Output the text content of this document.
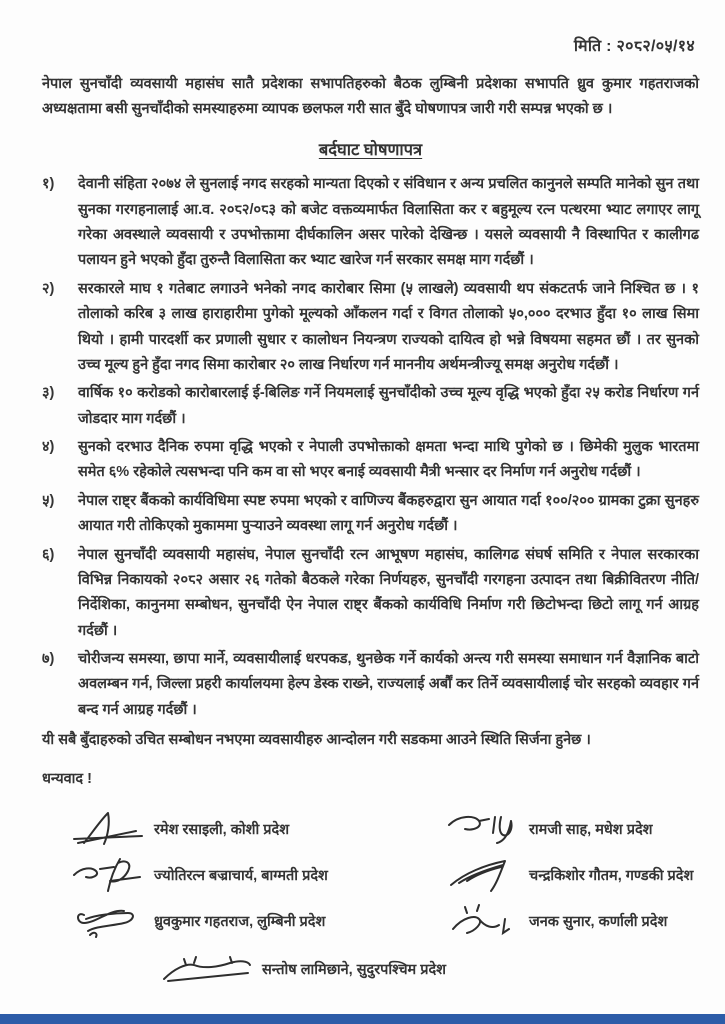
मिति : २०८२/०५/१४

नेपाल सुनचाँदी व्यवसायी महासंघ सातै प्रदेशका सभापतिहरुको बैठक लुम्बिनी प्रदेशका सभापति ध्रुव कुमार गहतराजको अध्यक्षतामा बसी सुनचाँदीको समस्याहरुमा व्यापक छलफल गरी सात बुँदे घोषणापत्र जारी गरी सम्पन्न भएको छ ।

बर्दघाट घोषणापत्र
१)	देवानी संहिता २०७४ ले सुनलाई नगद सरहको मान्यता दिएको र संविधान र अन्य प्रचलित कानुनले सम्पति मानेको सुन तथा सुनका गरगहनालाई आ.व. २०८२/०८३ को बजेट वक्तव्यमार्फत विलासिता कर र बहुमूल्य रत्न पत्थरमा भ्याट लगाएर लागू गरेका अवस्थाले व्यवसायी र उपभोक्तामा दीर्घकालिन असर पारेको देखिन्छ । यसले व्यवसायी नै विस्थापित र कालीगढ पलायन हुने भएको हुँदा तुरुन्तै विलासिता कर भ्याट खारेज गर्न सरकार समक्ष माग गर्दछौं ।
२)	सरकारले माघ १ गतेबाट लगाउने भनेको नगद कारोबार सिमा (५ लाखले) व्यवसायी थप संकटतर्फ जाने निश्चित छ । १ तोलाको करिब ३ लाख हाराहारीमा पुगेको मूल्यको आँकलन गर्दा र विगत तोलाको ५०,००० दरभाउ हुँदा १० लाख सिमा थियो । हामी पारदर्शी कर प्रणाली सुधार र कालोधन नियन्त्रण राज्यको दायित्व हो भन्ने विषयमा सहमत छौं । तर सुनको उच्च मूल्य हुने हुँदा नगद सिमा कारोबार २० लाख निर्धारण गर्न माननीय अर्थमन्त्रीज्यू समक्ष अनुरोध गर्दछौं ।
३)	वार्षिक १० करोडको कारोबारलाई ई-बिलिङ गर्ने नियमलाई सुनचाँदीको उच्च मूल्य वृद्धि भएको हुँदा २५ करोड निर्धारण गर्न जोडदार माग गर्दछौं ।
४)	सुनको दरभाउ दैनिक रुपमा वृद्धि भएको र नेपाली उपभोक्ताको क्षमता भन्दा माथि पुगेको छ । छिमेकी मुलुक भारतमा समेत ६% रहेकोले त्यसभन्दा पनि कम वा सो भएर बनाई व्यवसायी मैत्री भन्सार दर निर्माण गर्न अनुरोध गर्दछौं ।
५)	नेपाल राष्ट्र बैंकको कार्यविधिमा स्पष्ट रुपमा भएको र वाणिज्य बैंकहरुद्वारा सुन आयात गर्दा १००/२०० ग्रामका टुक्रा सुनहरु आयात गरी तोकिएको मुकाममा पुऱ्याउने व्यवस्था लागू गर्न अनुरोध गर्दछौं ।
६)	नेपाल सुनचाँदी व्यवसायी महासंघ, नेपाल सुनचाँदी रत्न आभूषण महासंघ, कालिगढ संघर्ष समिति र नेपाल सरकारका विभिन्न निकायको २०८२ असार २६ गतेको बैठकले गरेका निर्णयहरु, सुनचाँदी गरगहना उत्पादन तथा बिक्रीवितरण नीति/निर्देशिका, कानुनमा सम्बोधन, सुनचाँदी ऐन नेपाल राष्ट्र बैंकको कार्यविधि निर्माण गरी छिटोभन्दा छिटो लागू गर्न आग्रह गर्दछौं ।
७)	चोरीजन्य समस्या, छापा मार्ने, व्यवसायीलाई धरपकड, थुनछेक गर्ने कार्यको अन्त्य गरी समस्या समाधान गर्न वैज्ञानिक बाटो अवलम्बन गर्न, जिल्ला प्रहरी कार्यालयमा हेल्प डेस्क राख्ने, राज्यलाई अर्बौं कर तिर्ने व्यवसायीलाई चोर सरहको व्यवहार गर्न बन्द गर्न आग्रह गर्दछौं ।

यी सबै बुँदाहरुको उचित सम्बोधन नभएमा व्यवसायीहरु आन्दोलन गरी सडकमा आउने स्थिति सिर्जना हुनेछ ।

धन्यवाद !

रमेश रसाइली, कोशी प्रदेश
ज्योतिरत्न बज्राचार्य, बाग्मती प्रदेश
ध्रुवकुमार गहतराज, लुम्बिनी प्रदेश
रामजी साह, मधेश प्रदेश
चन्द्रकिशोर गौतम, गण्डकी प्रदेश
जनक सुनार, कर्णाली प्रदेश
सन्तोष लामिछाने, सुदुरपश्चिम प्रदेश
